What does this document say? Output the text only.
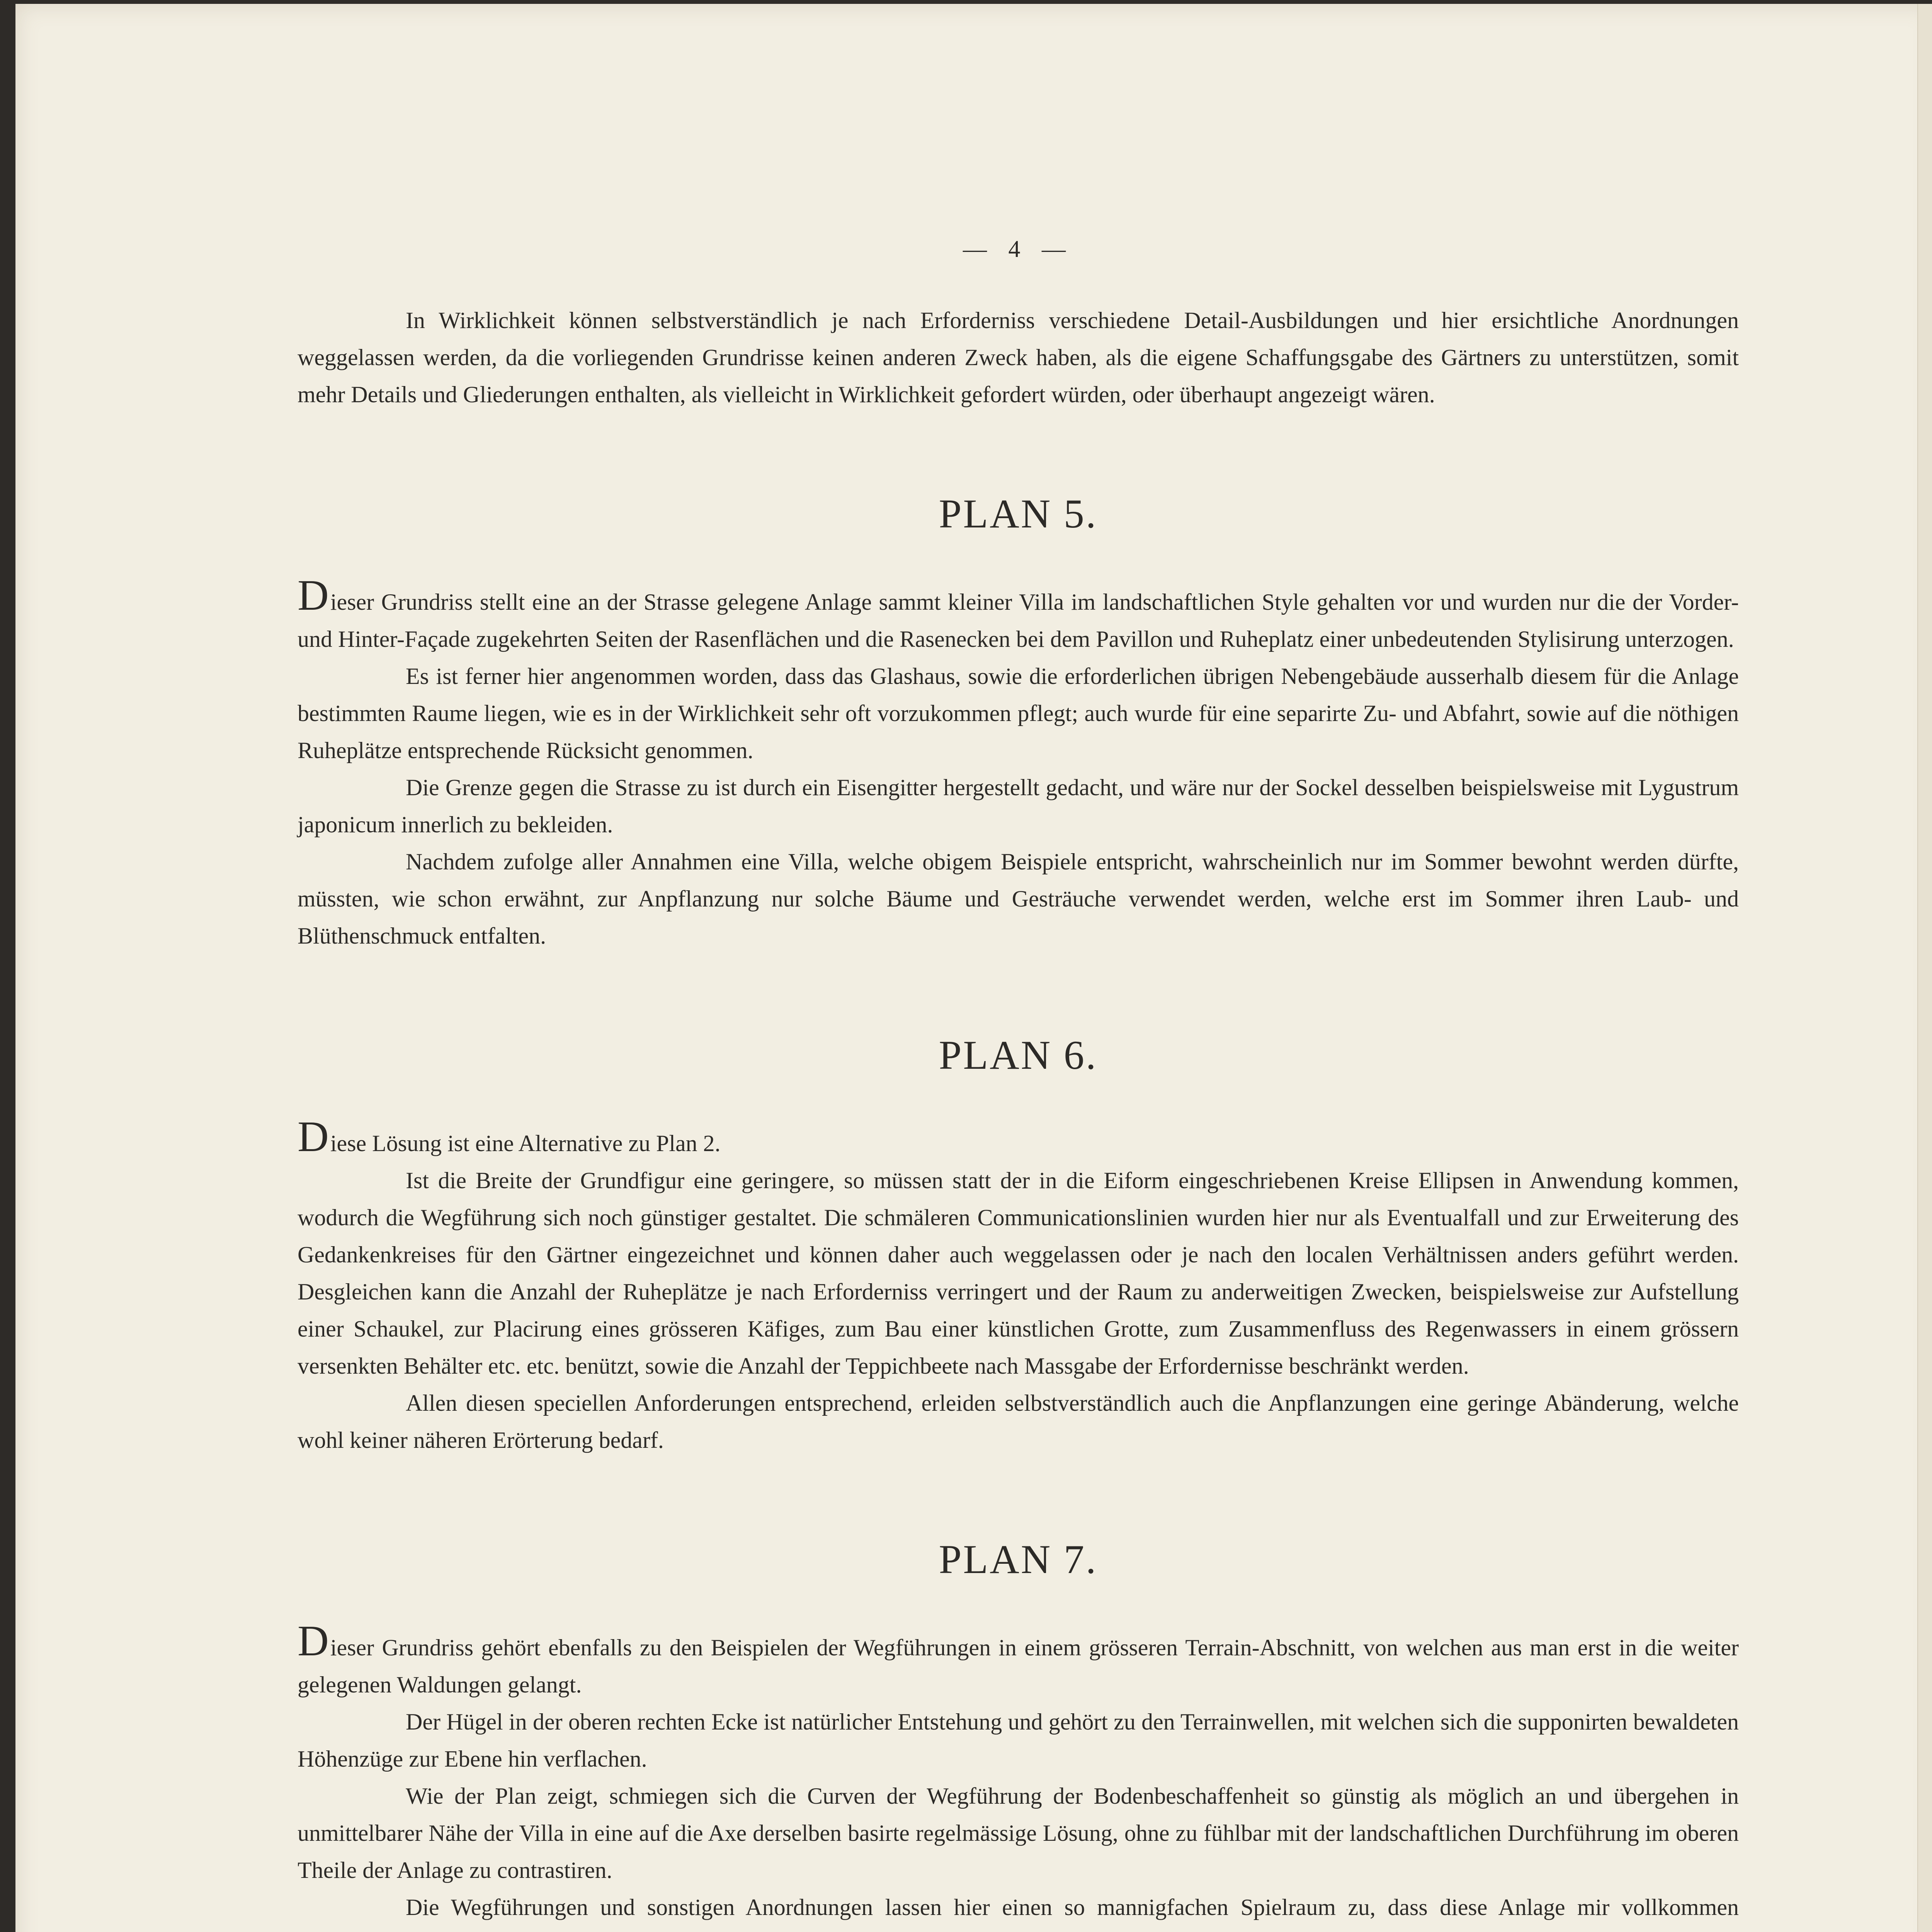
— 4 —

In Wirklichkeit können selbstverständlich je nach Erforderniss verschiedene Detail-Ausbildungen und hier ersichtliche Anordnungen weggelassen werden, da die vorliegenden Grundrisse keinen anderen Zweck haben, als die eigene Schaffungsgabe des Gärtners zu unterstützen, somit mehr Details und Gliederungen enthalten, als vielleicht in Wirklichkeit gefordert würden, oder überhaupt angezeigt wären.

PLAN 5.

Dieser Grundriss stellt eine an der Strasse gelegene Anlage sammt kleiner Villa im landschaftlichen Style gehalten vor und wurden nur die der Vorder- und Hinter-Façade zugekehrten Seiten der Rasenflächen und die Rasenecken bei dem Pavillon und Ruheplatz einer unbedeutenden Stylisirung unterzogen.

Es ist ferner hier angenommen worden, dass das Glashaus, sowie die erforderlichen übrigen Nebengebäude ausserhalb diesem für die Anlage bestimmten Raume liegen, wie es in der Wirklichkeit sehr oft vorzukommen pflegt; auch wurde für eine separirte Zu- und Abfahrt, sowie auf die nöthigen Ruheplätze entsprechende Rücksicht genommen.

Die Grenze gegen die Strasse zu ist durch ein Eisengitter hergestellt gedacht, und wäre nur der Sockel desselben beispielsweise mit Lygustrum japonicum innerlich zu bekleiden.

Nachdem zufolge aller Annahmen eine Villa, welche obigem Beispiele entspricht, wahrscheinlich nur im Sommer bewohnt werden dürfte, müssten, wie schon erwähnt, zur Anpflanzung nur solche Bäume und Gesträuche verwendet werden, welche erst im Sommer ihren Laub- und Blüthenschmuck entfalten.

PLAN 6.

Diese Lösung ist eine Alternative zu Plan 2.

Ist die Breite der Grundfigur eine geringere, so müssen statt der in die Eiform eingeschriebenen Kreise Ellipsen in Anwendung kommen, wodurch die Wegführung sich noch günstiger gestaltet. Die schmäleren Communicationslinien wurden hier nur als Eventualfall und zur Erweiterung des Gedankenkreises für den Gärtner eingezeichnet und können daher auch weggelassen oder je nach den localen Verhältnissen anders geführt werden. Desgleichen kann die Anzahl der Ruheplätze je nach Erforderniss verringert und der Raum zu anderweitigen Zwecken, beispielsweise zur Aufstellung einer Schaukel, zur Placirung eines grösseren Käfiges, zum Bau einer künstlichen Grotte, zum Zusammenfluss des Regenwassers in einem grössern versenkten Behälter etc. etc. benützt, sowie die Anzahl der Teppichbeete nach Massgabe der Erfordernisse beschränkt werden.

Allen diesen speciellen Anforderungen entsprechend, erleiden selbstverständlich auch die Anpflanzungen eine geringe Abänderung, welche wohl keiner näheren Erörterung bedarf.

PLAN 7.

Dieser Grundriss gehört ebenfalls zu den Beispielen der Wegführungen in einem grösseren Terrain-Abschnitt, von welchen aus man erst in die weiter gelegenen Waldungen gelangt.

Der Hügel in der oberen rechten Ecke ist natürlicher Entstehung und gehört zu den Terrainwellen, mit welchen sich die supponirten bewaldeten Höhenzüge zur Ebene hin verflachen.

Wie der Plan zeigt, schmiegen sich die Curven der Wegführung der Bodenbeschaffenheit so günstig als möglich an und übergehen in unmittelbarer Nähe der Villa in eine auf die Axe derselben basirte regelmässige Lösung, ohne zu fühlbar mit der landschaftlichen Durchführung im oberen Theile der Anlage zu contrastiren.

Die Wegführungen und sonstigen Anordnungen lassen hier einen so mannigfachen Spielraum zu, dass diese Anlage mir vollkommen
